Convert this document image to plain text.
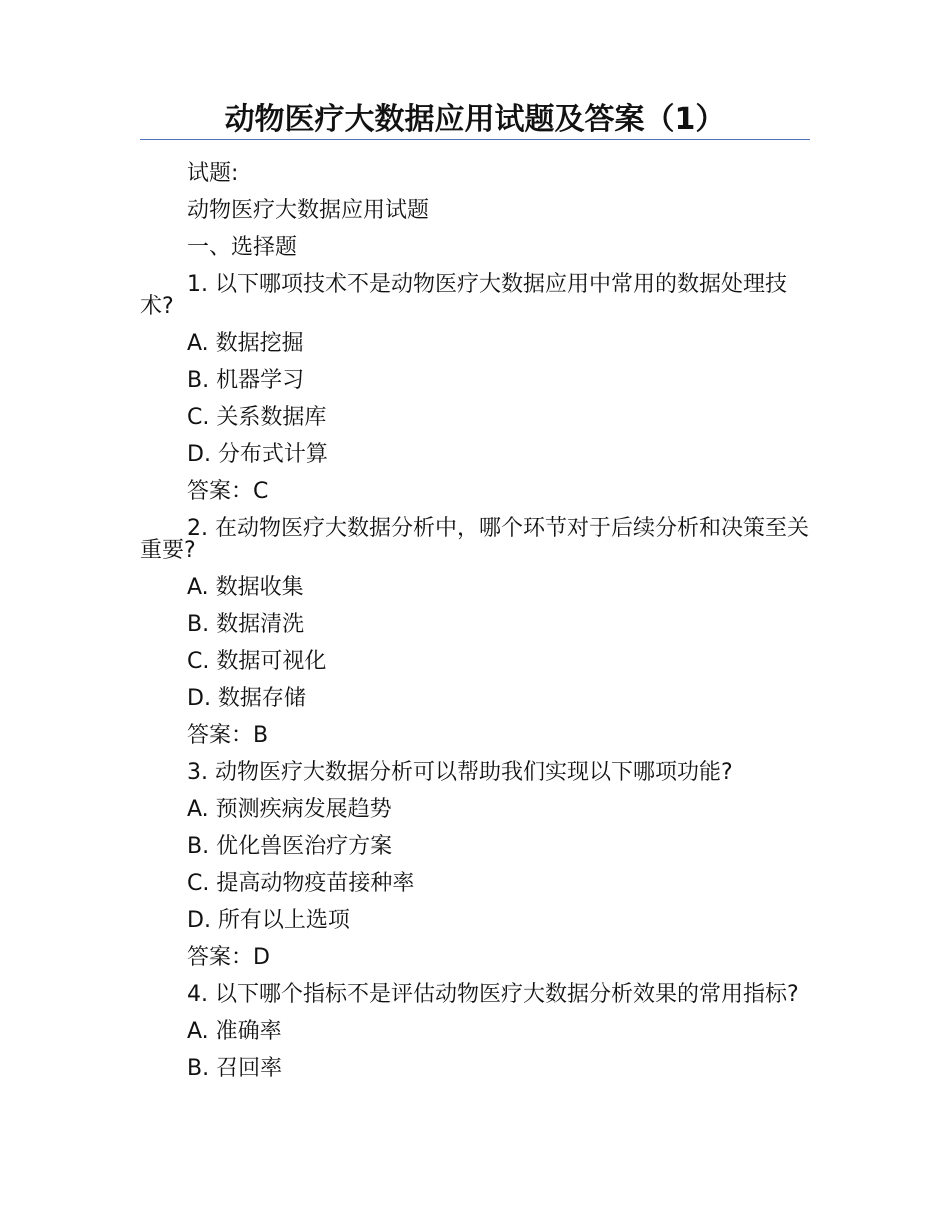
动物医疗大数据应用试题及答案（1）

试题:

动物医疗大数据应用试题

一、选择题

1. 以下哪项技术不是动物医疗大数据应用中常用的数据处理技术?

A. 数据挖掘

B. 机器学习

C. 关系数据库

D. 分布式计算

答案：C

2. 在动物医疗大数据分析中，哪个环节对于后续分析和决策至关重要?

A. 数据收集

B. 数据清洗

C. 数据可视化

D. 数据存储

答案：B

3. 动物医疗大数据分析可以帮助我们实现以下哪项功能?

A. 预测疾病发展趋势

B. 优化兽医治疗方案

C. 提高动物疫苗接种率

D. 所有以上选项

答案：D

4. 以下哪个指标不是评估动物医疗大数据分析效果的常用指标?

A. 准确率

B. 召回率
